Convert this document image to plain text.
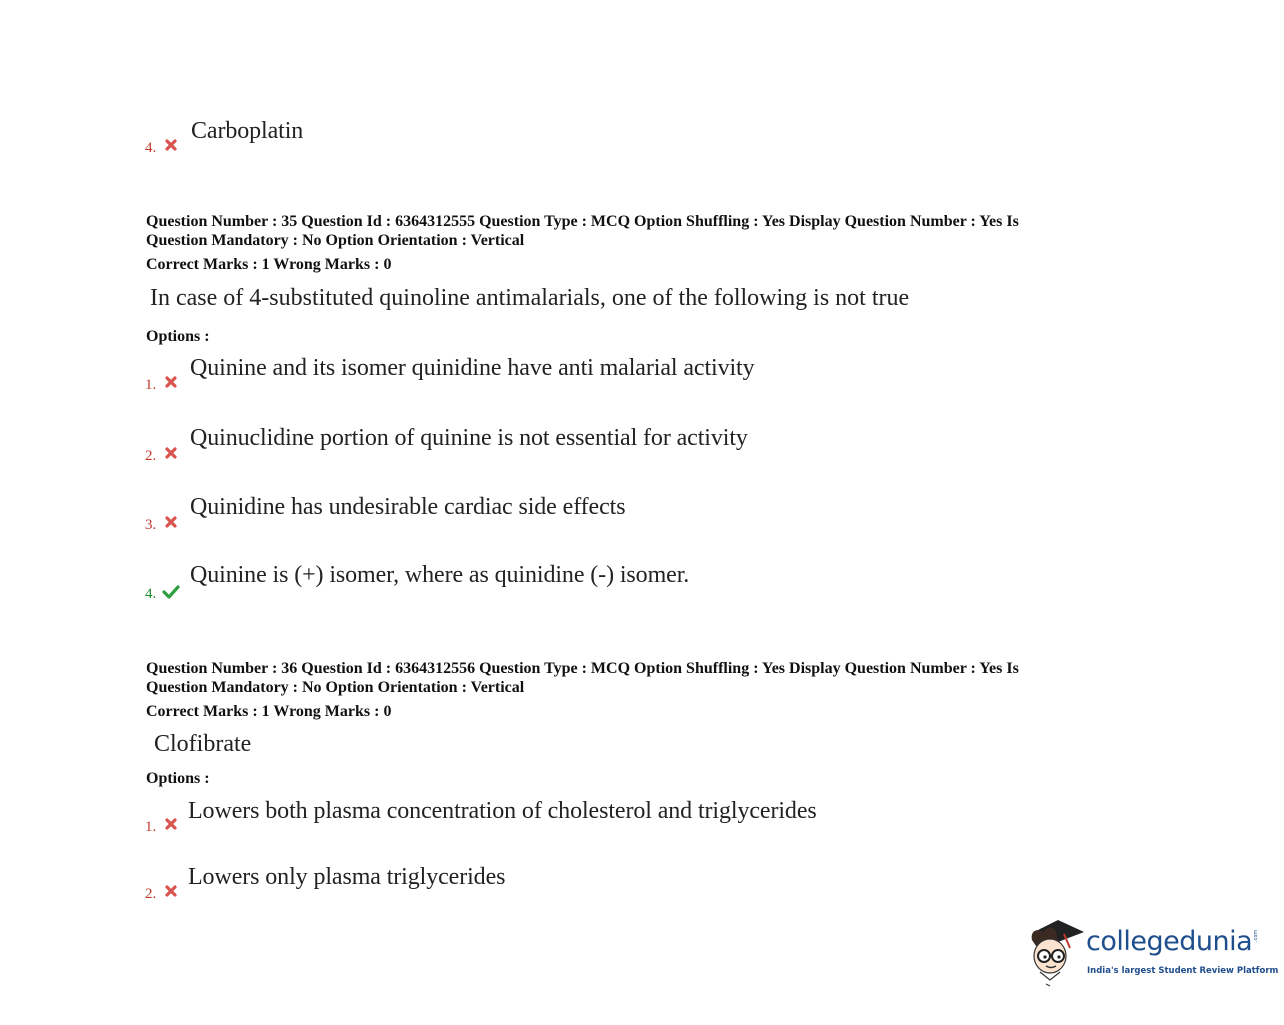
4.
Carboplatin
Question Number : 35 Question Id : 6364312555 Question Type : MCQ Option Shuffling : Yes Display Question Number : Yes Is
Question Mandatory : No Option Orientation : Vertical
Correct Marks : 1 Wrong Marks : 0
In case of 4-substituted quinoline antimalarials, one of the following is not true
Options :
1.
Quinine and its isomer quinidine have anti malarial activity
2.
Quinuclidine portion of quinine is not essential for activity
3.
Quinidine has undesirable cardiac side effects
4.
Quinine is (+) isomer, where as quinidine (-) isomer.
Question Number : 36 Question Id : 6364312556 Question Type : MCQ Option Shuffling : Yes Display Question Number : Yes Is
Question Mandatory : No Option Orientation : Vertical
Correct Marks : 1 Wrong Marks : 0
Clofibrate
Options :
1.
Lowers both plasma concentration of cholesterol and triglycerides
2.
Lowers only plasma triglycerides
collegedunia .com
India's largest Student Review Platform
